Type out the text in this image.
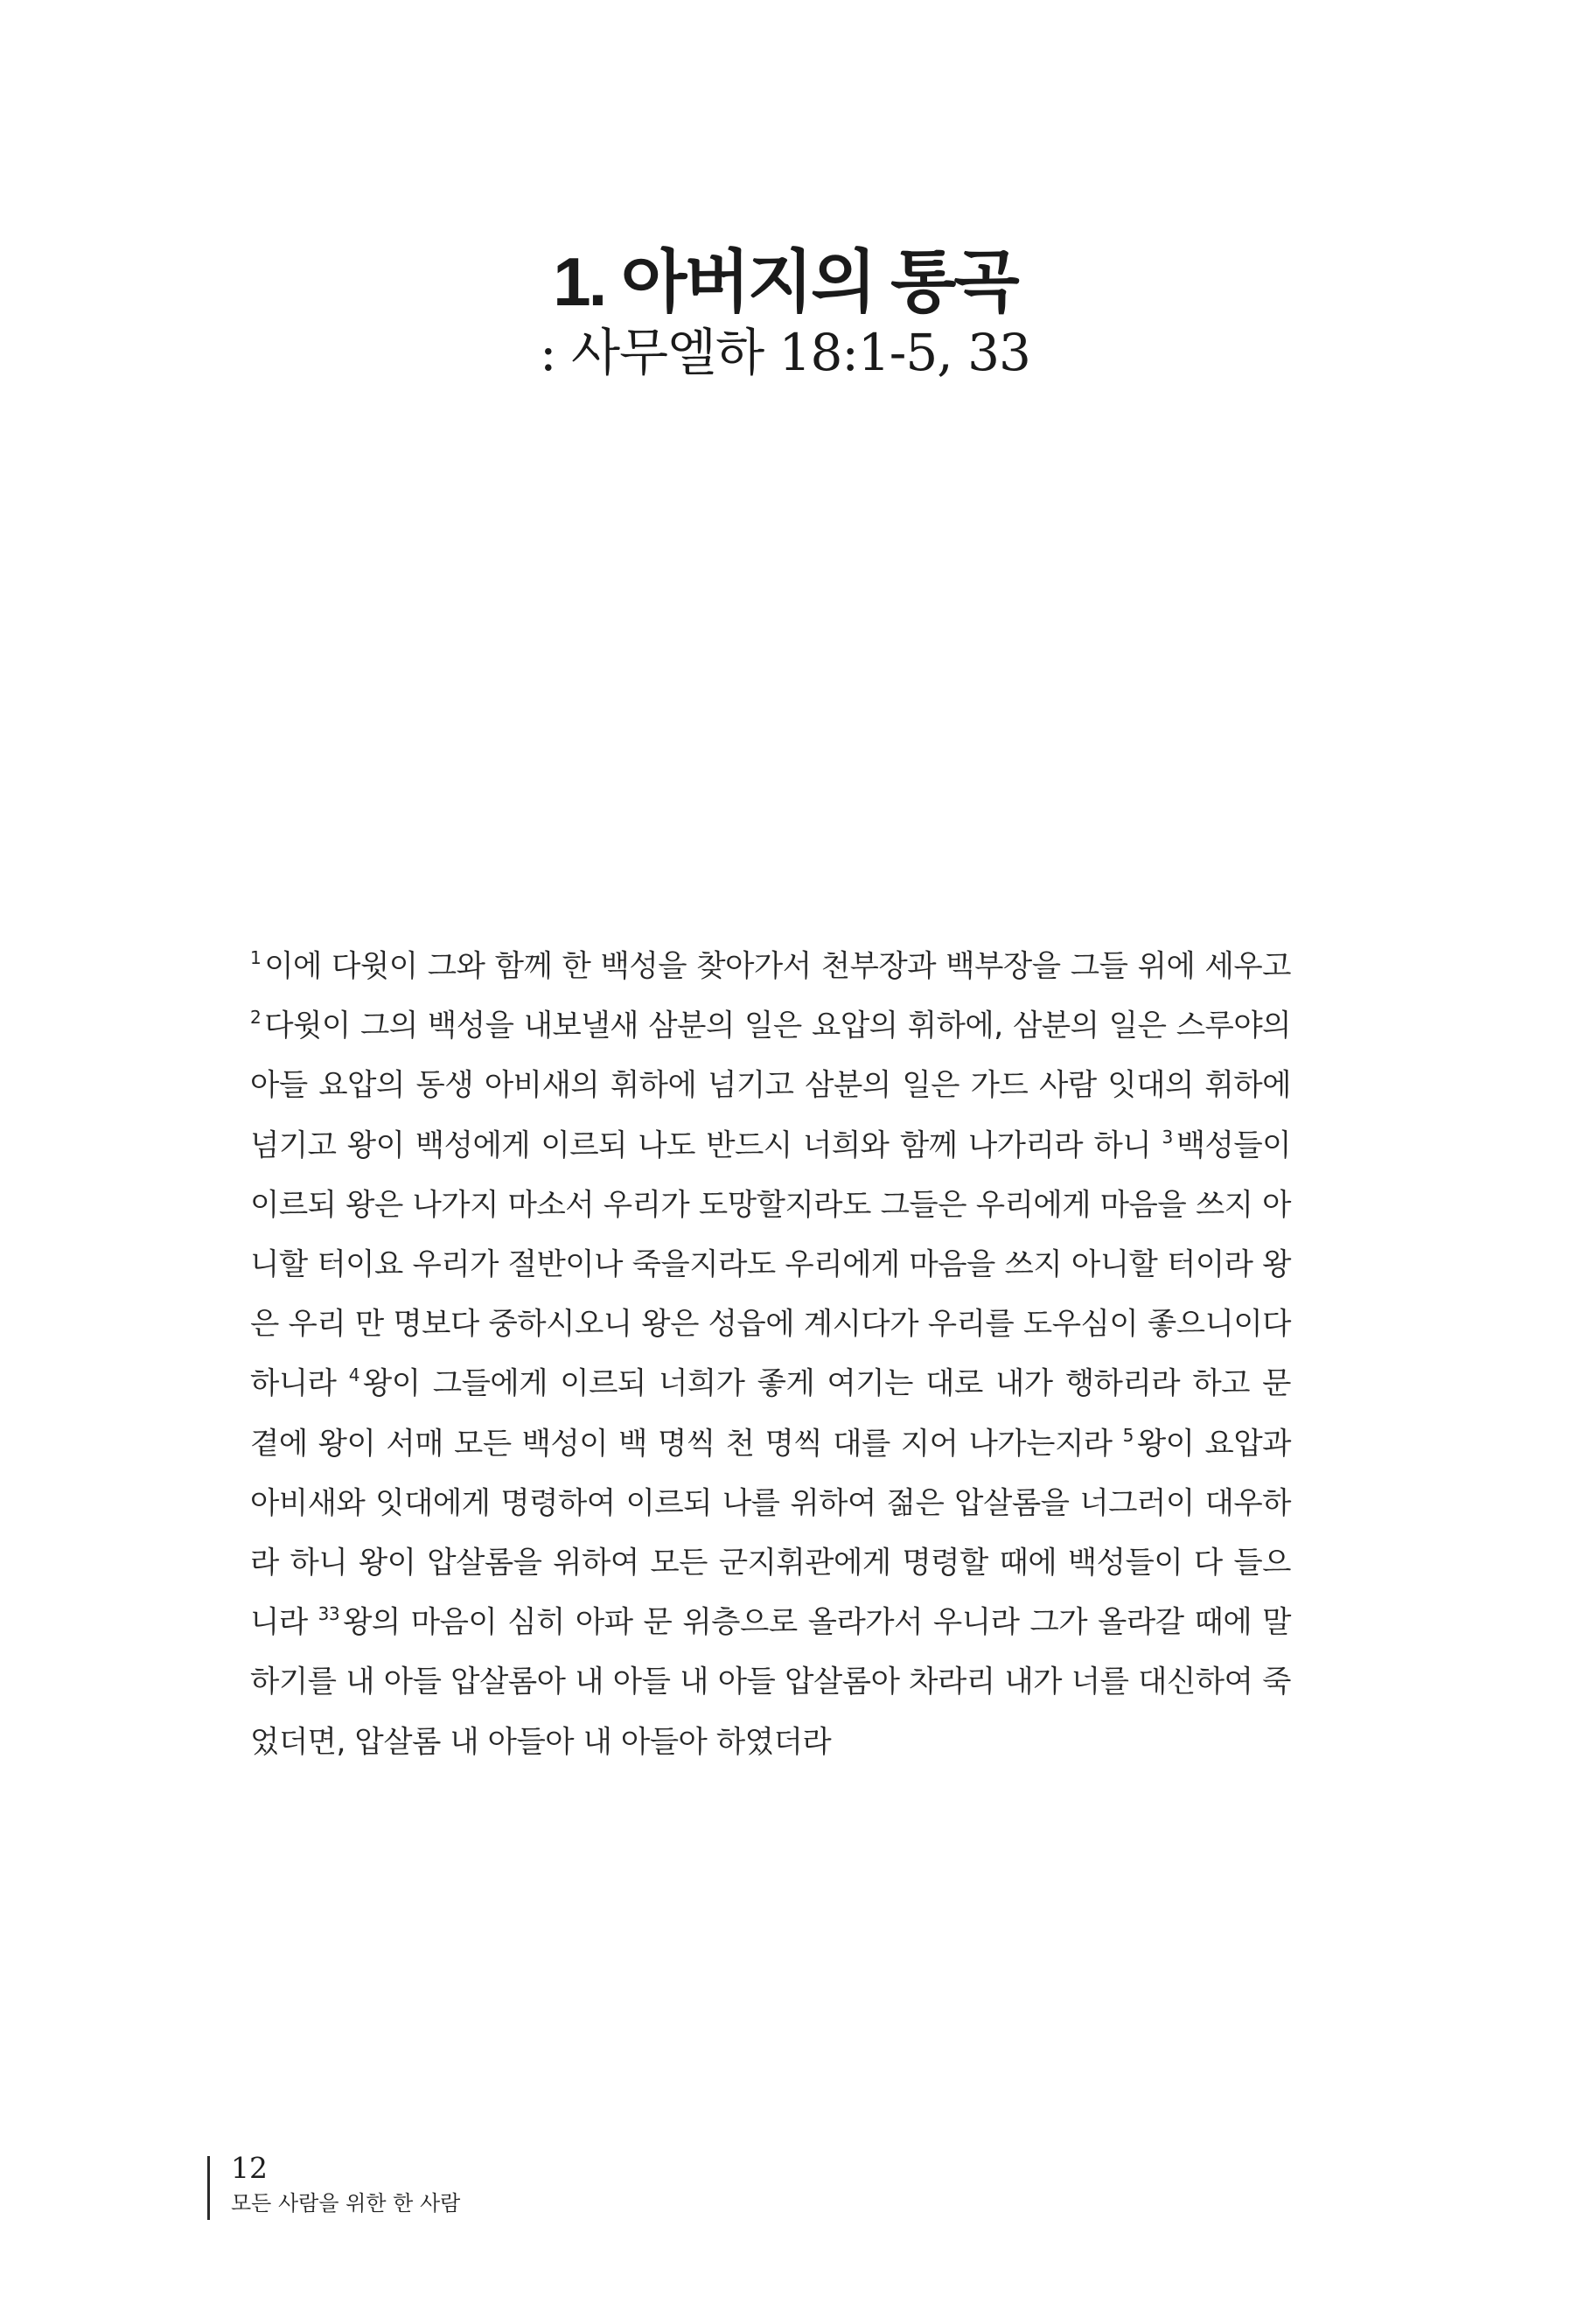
1. 아버지의 통곡
: 사무엘하 18:1-5, 33

$^1$ 이에 다윗이 그와 함께 한 백성을 찾아가서 천부장과 백부장을 그들 위에 세우고 $^2$ 다윗이 그의 백성을 내보낼새 삼분의 일은 요압의 휘하에, 삼분의 일은 스루야의 아들 요압의 동생 아비새의 휘하에 넘기고 삼분의 일은 가드 사람 잇대의 휘하에 넘기고 왕이 백성에게 이르되 나도 반드시 너희와 함께 나가리라 하니 $^3$ 백성들이 이르되 왕은 나가지 마소서 우리가 도망할지라도 그들은 우리에게 마음을 쓰지 아니할 터이요 우리가 절반이나 죽을지라도 우리에게 마음을 쓰지 아니할 터이라 왕은 우리 만 명보다 중하시오니 왕은 성읍에 계시다가 우리를 도우심이 좋으니이다 하니라 $^4$ 왕이 그들에게 이르되 너희가 좋게 여기는 대로 내가 행하리라 하고 문 곁에 왕이 서매 모든 백성이 백 명씩 천 명씩 대를 지어 나가는지라 $^5$ 왕이 요압과 아비새와 잇대에게 명령하여 이르되 나를 위하여 젊은 압살롬을 너그러이 대우하라 하니 왕이 압살롬을 위하여 모든 군지휘관에게 명령할 때에 백성들이 다 들으니라 $^{33}$ 왕의 마음이 심히 아파 문 위층으로 올라가서 우니라 그가 올라갈 때에 말하기를 내 아들 압살롬아 내 아들 내 아들 압살롬아 차라리 내가 너를 대신하여 죽었더면, 압살롬 내 아들아 내 아들아 하였더라

12
모든 사람을 위한 한 사람
